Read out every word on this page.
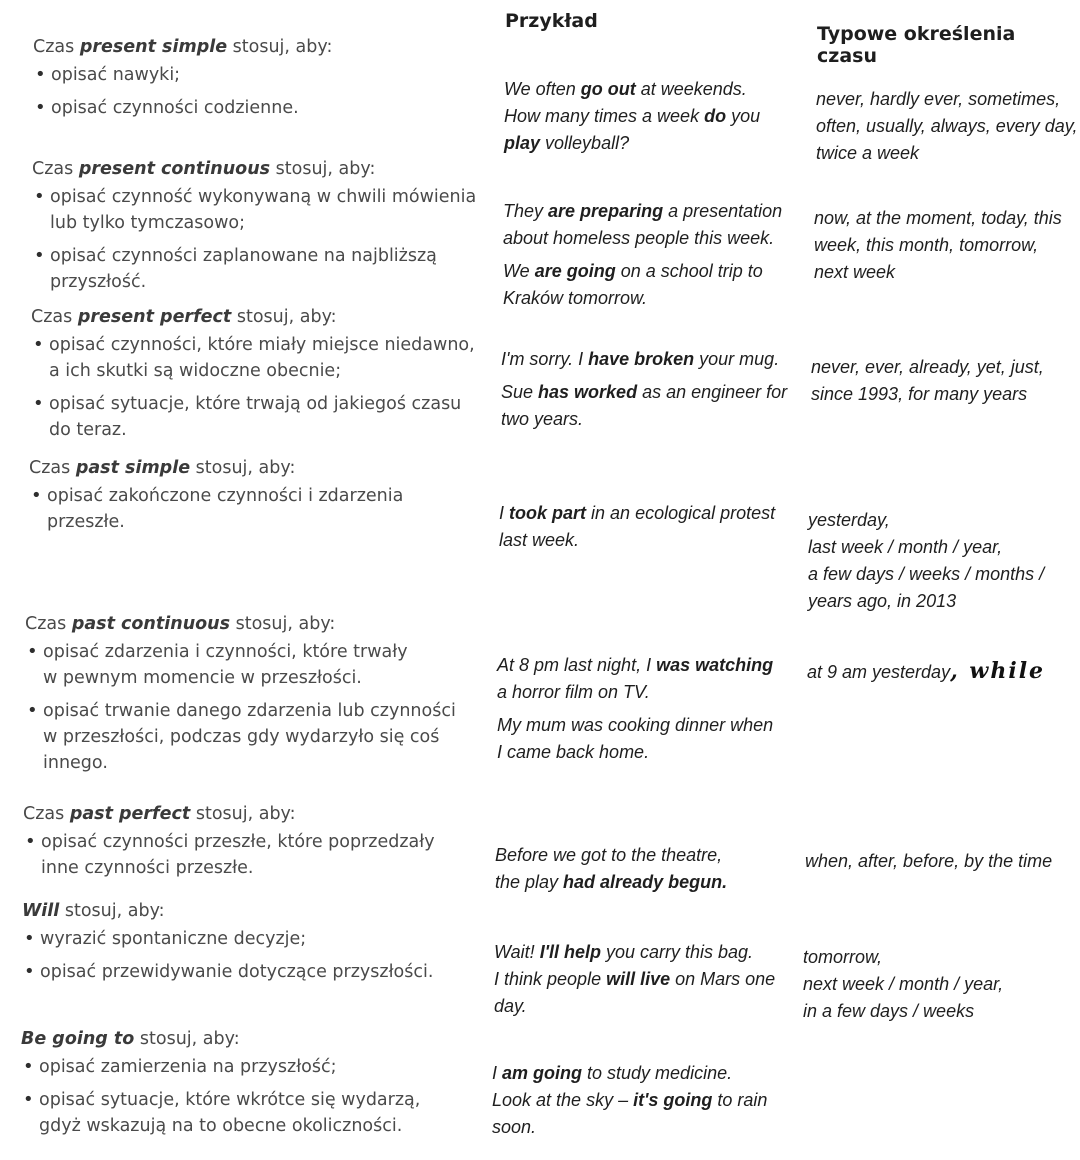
Przykład
Typowe określenia czasu
Czas present simple stosuj, aby:
• opisać nawyki;
• opisać czynności codzienne.
Czas present continuous stosuj, aby:
• opisać czynność wykonywaną w chwili mówienia
lub tylko tymczasowo;
• opisać czynności zaplanowane na najbliższą
przyszłość.
Czas present perfect stosuj, aby:
• opisać czynności, które miały miejsce niedawno,
a ich skutki są widoczne obecnie;
• opisać sytuacje, które trwają od jakiegoś czasu
do teraz.
Czas past simple stosuj, aby:
• opisać zakończone czynności i zdarzenia
przeszłe.
Czas past continuous stosuj, aby:
• opisać zdarzenia i czynności, które trwały
w pewnym momencie w przeszłości.
• opisać trwanie danego zdarzenia lub czynności
w przeszłości, podczas gdy wydarzyło się coś
innego.
Czas past perfect stosuj, aby:
• opisać czynności przeszłe, które poprzedzały
inne czynności przeszłe.
Will stosuj, aby:
• wyrazić spontaniczne decyzje;
• opisać przewidywanie dotyczące przyszłości.
Be going to stosuj, aby:
• opisać zamierzenia na przyszłość;
• opisać sytuacje, które wkrótce się wydarzą,
gdyż wskazują na to obecne okoliczności.
We often go out at weekends.
How many times a week do you
play volleyball?
They are preparing a presentation
about homeless people this week.
We are going on a school trip to
Kraków tomorrow.
I'm sorry. I have broken your mug.
Sue has worked as an engineer for
two years.
I took part in an ecological protest
last week.
At 8 pm last night, I was watching
a horror film on TV.
My mum was cooking dinner when
I came back home.
Before we got to the theatre,
the play had already begun.
Wait! I'll help you carry this bag.
I think people will live on Mars one
day.
I am going to study medicine.
Look at the sky – it's going to rain
soon.
never, hardly ever, sometimes,
often, usually, always, every day,
twice a week
now, at the moment, today, this
week, this month, tomorrow,
next week
never, ever, already, yet, just,
since 1993, for many years
yesterday,
last week / month / year,
a few days / weeks / months /
years ago, in 2013
at 9 am yesterday, while
when, after, before, by the time
tomorrow,
next week / month / year,
in a few days / weeks
